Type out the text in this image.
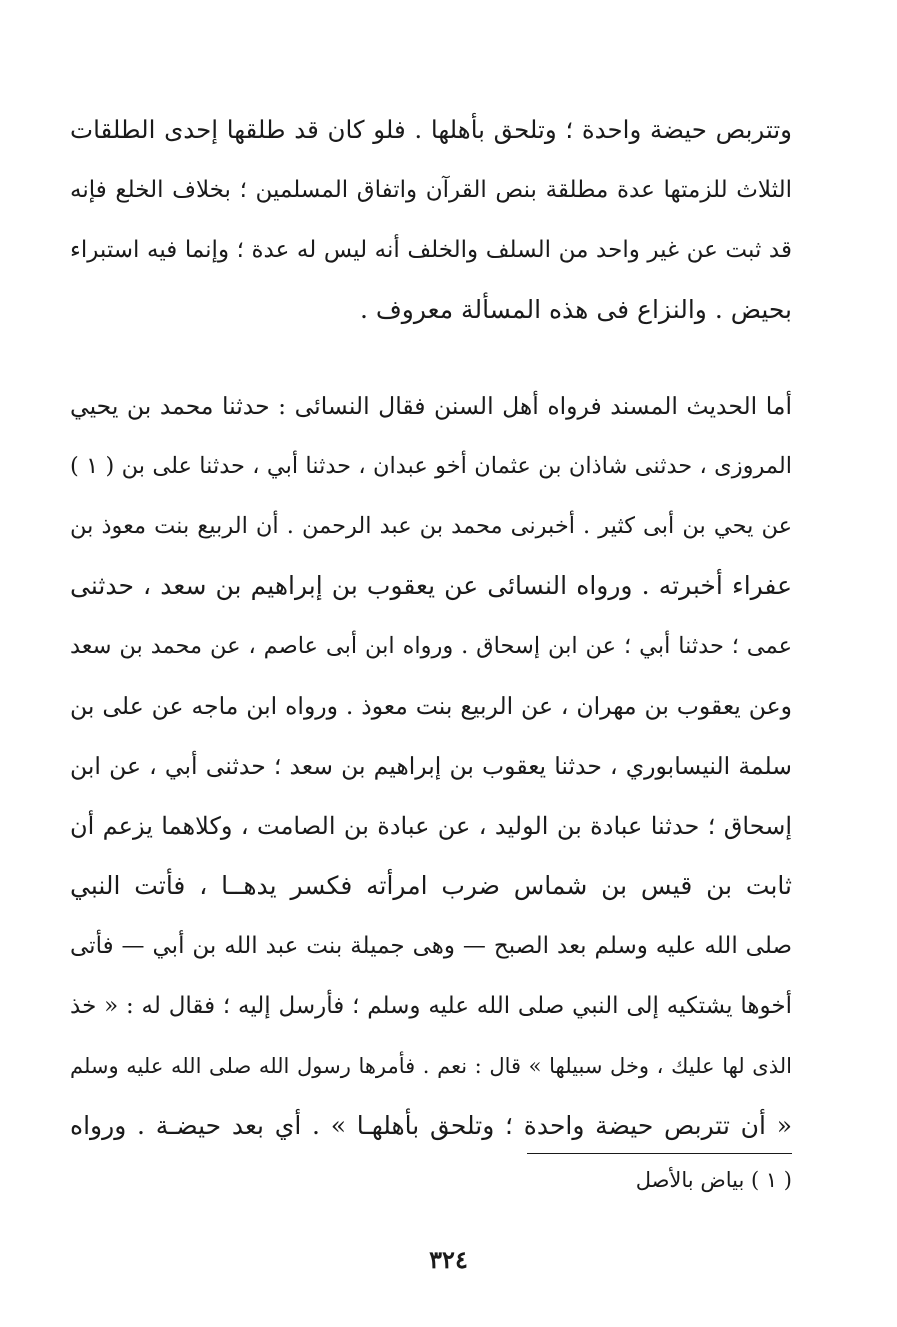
وتتربص حيضة واحدة ؛ وتلحق بأهلها . فلو كان قد طلقها إحدى الطلقات
الثلاث للزمتها عدة مطلقة بنص القرآن واتفاق المسلمين ؛ بخلاف الخلع فإنه
قد ثبت عن غير واحد من السلف والخلف أنه ليس له عدة ؛ وإنما فيه استبراء
بحيض . والنزاع فى هذه المسألة معروف .
أما الحديث المسند فرواه أهل السنن فقال النسائى : حدثنا محمد بن يحيي
المروزى ، حدثنى شاذان بن عثمان أخو عبدان ، حدثنا أبي ، حدثنا على بن ( ١ )
عن يحي بن أبى كثير . أخبرنى محمد بن عبد الرحمن . أن الربيع بنت معوذ بن
عفراء أخبرته . ورواه النسائى عن يعقوب بن إبراهيم بن سعد ، حدثنى
عمى ؛ حدثنا أبي ؛ عن ابن إسحاق . ورواه ابن أبى عاصم ، عن محمد بن سعد
وعن يعقوب بن مهران ، عن الربيع بنت معوذ . ورواه ابن ماجه عن على بن
سلمة النيسابوري ، حدثنا يعقوب بن إبراهيم بن سعد ؛ حدثنى أبي ، عن ابن
إسحاق ؛ حدثنا عبادة بن الوليد ، عن عبادة بن الصامت ، وكلاهما يزعم أن
ثابت بن قيس بن شماس ضرب امرأته فكسر يدهــا ، فأتت النبي
صلى الله عليه وسلم بعد الصبح — وهى جميلة بنت عبد الله بن أبي — فأتى
أخوها يشتكيه إلى النبي صلى الله عليه وسلم ؛ فأرسل إليه ؛ فقال له : « خذ
الذى لها عليك ، وخل سبيلها » قال : نعم . فأمرها رسول الله صلى الله عليه وسلم
« أن تتربص حيضة واحدة ؛ وتلحق بأهلهـا » . أي بعد حيضـة . ورواه
( ١ ) بياض بالأصل
٣٢٤
